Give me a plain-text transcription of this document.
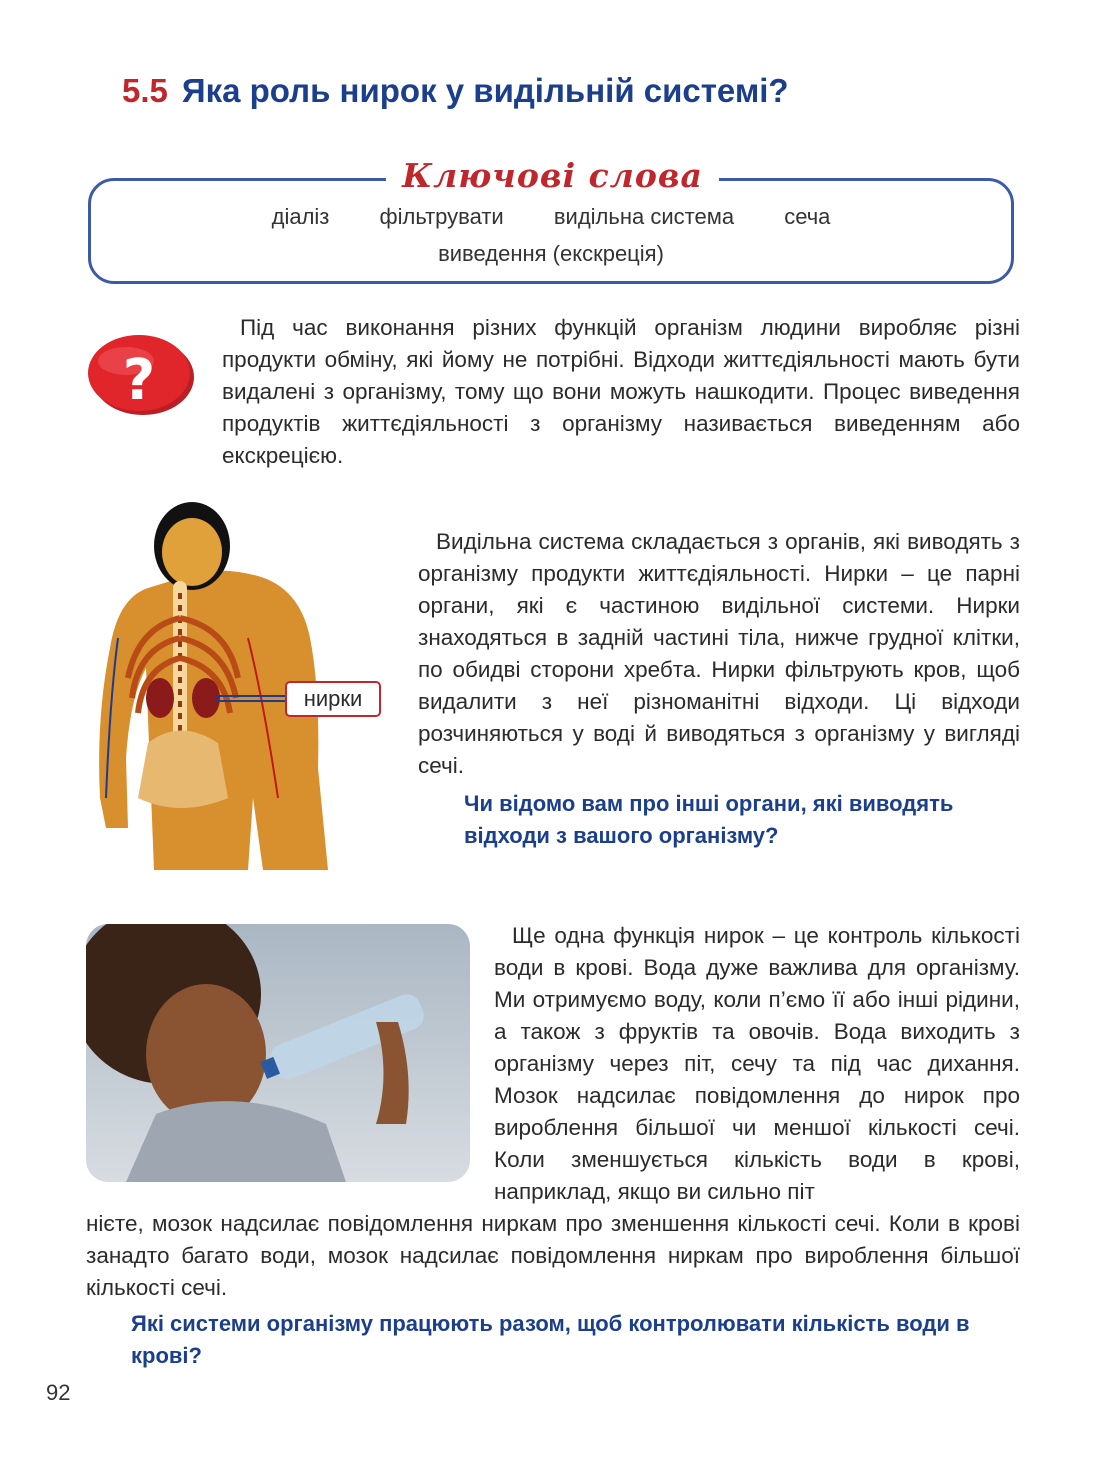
5.5 Яка роль нирок у видільній системі?
Ключові слова
діаліз фільтрувати видільна система сеча
виведення (екскреція)
?

Під час виконання різних функцій організм людини виробляє різні продукти обміну, які йому не потрібні. Відходи життєдіяльності мають бути видалені з організму, тому що вони можуть нашкодити. Процес виведення продуктів життєдіяльності з організму називається виведенням або екскрецією.

нирки

Видільна система складається з органів, які виводять з організму продукти життєдіяльності. Нирки – це парні органи, які є частиною видільної системи. Нирки знаходяться в задній частині тіла, нижче грудної клітки, по обидві сторони хребта. Нирки фільтрують кров, щоб видалити з неї різноманітні відходи. Ці відходи розчиняються у воді й виводяться з організму у вигляді сечі.

Чи відомо вам про інші органи, які виводять відходи з вашого організму?

Ще одна функція нирок – це контроль кількості води в крові. Вода дуже важлива для організму. Ми отримуємо воду, коли п’ємо її або інші рідини, а також з фруктів та овочів. Вода виходить з організму через піт, сечу та під час дихання. Мозок надсилає повідомлення до нирок про вироблення більшої чи меншої кількості сечі. Коли зменшується кількість води в крові, наприклад, якщо ви сильно піт

нієте, мозок надсилає повідомлення ниркам про зменшення кількості сечі. Коли в крові занадто багато води, мозок надсилає повідомлення ниркам про вироблення більшої кількості сечі.

Які системи організму працюють разом, щоб контролювати кількість води в крові?

92
